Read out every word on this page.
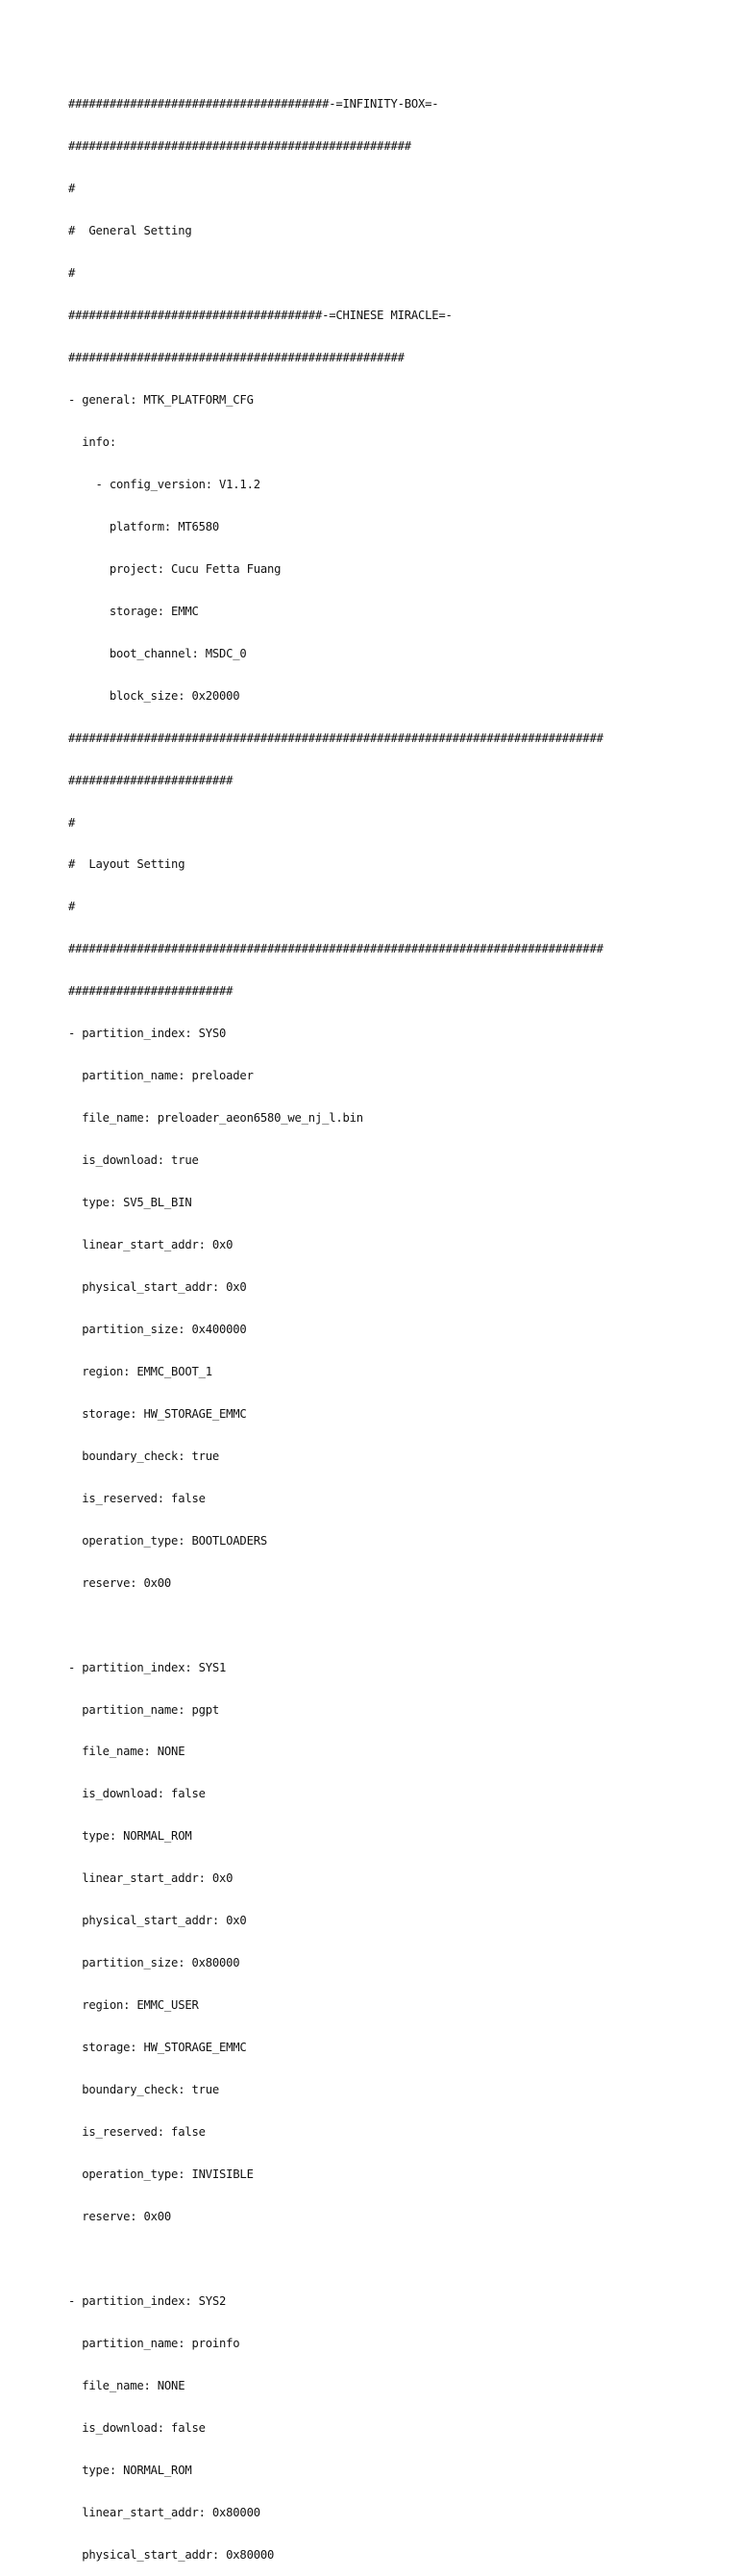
######################################-=INFINITY-BOX=-

##################################################

#

#  General Setting

#

#####################################-=CHINESE MIRACLE=-

#################################################

- general: MTK_PLATFORM_CFG

info:

- config_version: V1.1.2

platform: MT6580

project: Cucu Fetta Fuang

storage: EMMC

boot_channel: MSDC_0

block_size: 0x20000

##############################################################################

########################

#

#  Layout Setting

#

##############################################################################

########################

- partition_index: SYS0

partition_name: preloader

file_name: preloader_aeon6580_we_nj_l.bin

is_download: true

type: SV5_BL_BIN

linear_start_addr: 0x0

physical_start_addr: 0x0

partition_size: 0x400000

region: EMMC_BOOT_1

storage: HW_STORAGE_EMMC

boundary_check: true

is_reserved: false

operation_type: BOOTLOADERS

reserve: 0x00

- partition_index: SYS1

partition_name: pgpt

file_name: NONE

is_download: false

type: NORMAL_ROM

linear_start_addr: 0x0

physical_start_addr: 0x0

partition_size: 0x80000

region: EMMC_USER

storage: HW_STORAGE_EMMC

boundary_check: true

is_reserved: false

operation_type: INVISIBLE

reserve: 0x00

- partition_index: SYS2

partition_name: proinfo

file_name: NONE

is_download: false

type: NORMAL_ROM

linear_start_addr: 0x80000

physical_start_addr: 0x80000
